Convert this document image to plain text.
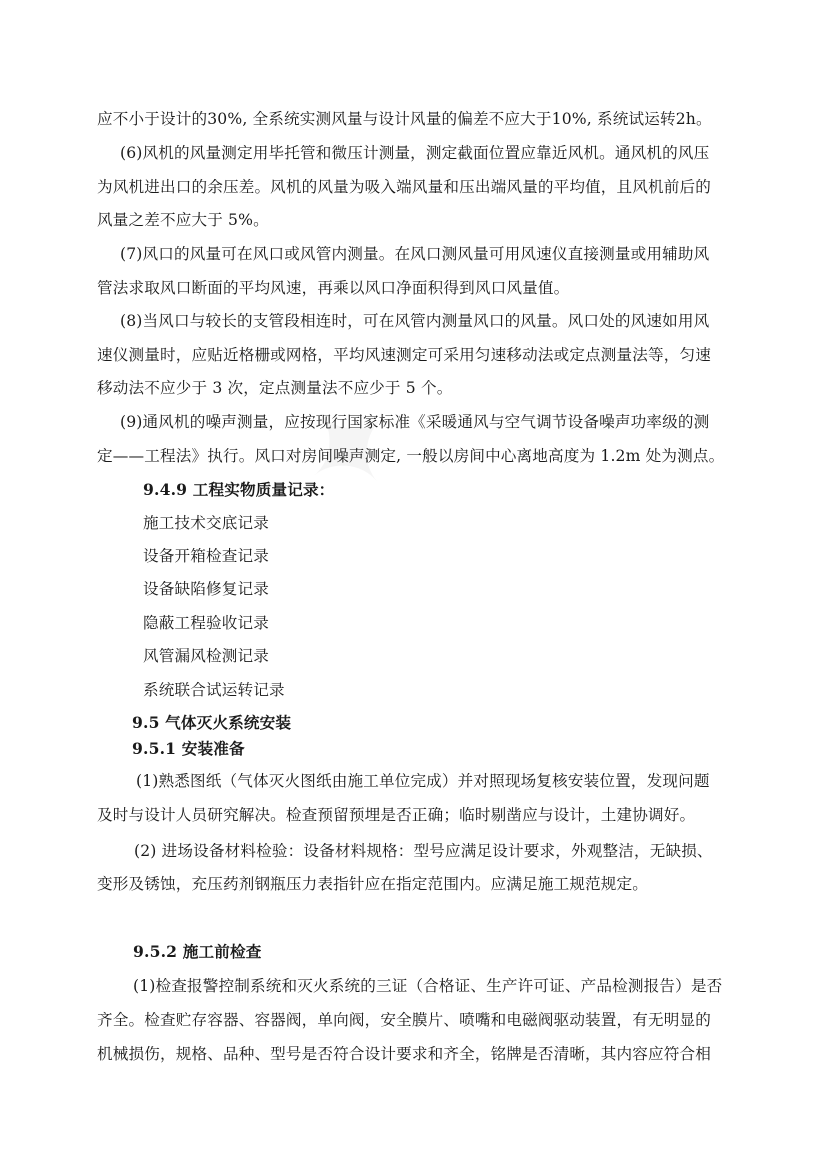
应不小于设计的30%, 全系统实测风量与设计风量的偏差不应大于10%, 系统试运转2h。
(6)风机的风量测定用毕托管和微压计测量，测定截面位置应靠近风机。通风机的风压
为风机进出口的余压差。风机的风量为吸入端风量和压出端风量的平均值，且风机前后的
风量之差不应大于 5%。
(7)风口的风量可在风口或风管内测量。在风口测风量可用风速仪直接测量或用辅助风
管法求取风口断面的平均风速，再乘以风口净面积得到风口风量值。
(8)当风口与较长的支管段相连时，可在风管内测量风口的风量。风口处的风速如用风
速仪测量时，应贴近格栅或网格，平均风速测定可采用匀速移动法或定点测量法等，匀速
移动法不应少于 3 次，定点测量法不应少于 5 个。
(9)通风机的噪声测量，应按现行国家标准《采暖通风与空气调节设备噪声功率级的测
定——工程法》执行。风口对房间噪声测定, 一般以房间中心离地高度为 1.2m 处为测点。
9.4.9 工程实物质量记录：
施工技术交底记录
设备开箱检查记录
设备缺陷修复记录
隐蔽工程验收记录
风管漏风检测记录
系统联合试运转记录
9.5 气体灭火系统安装
9.5.1 安装准备
(1)熟悉图纸（气体灭火图纸由施工单位完成）并对照现场复核安装位置，发现问题
及时与设计人员研究解决。检查预留预埋是否正确；临时剔凿应与设计，土建协调好。
(2) 进场设备材料检验：设备材料规格：型号应满足设计要求，外观整洁，无缺损、
变形及锈蚀，充压药剂钢瓶压力表指针应在指定范围内。应满足施工规范规定。
9.5.2 施工前检查
(1)检查报警控制系统和灭火系统的三证（合格证、生产许可证、产品检测报告）是否
齐全。检查贮存容器、容器阀，单向阀，安全膜片、喷嘴和电磁阀驱动装置，有无明显的
机械损伤，规格、品种、型号是否符合设计要求和齐全，铭牌是否清晰，其内容应符合相
